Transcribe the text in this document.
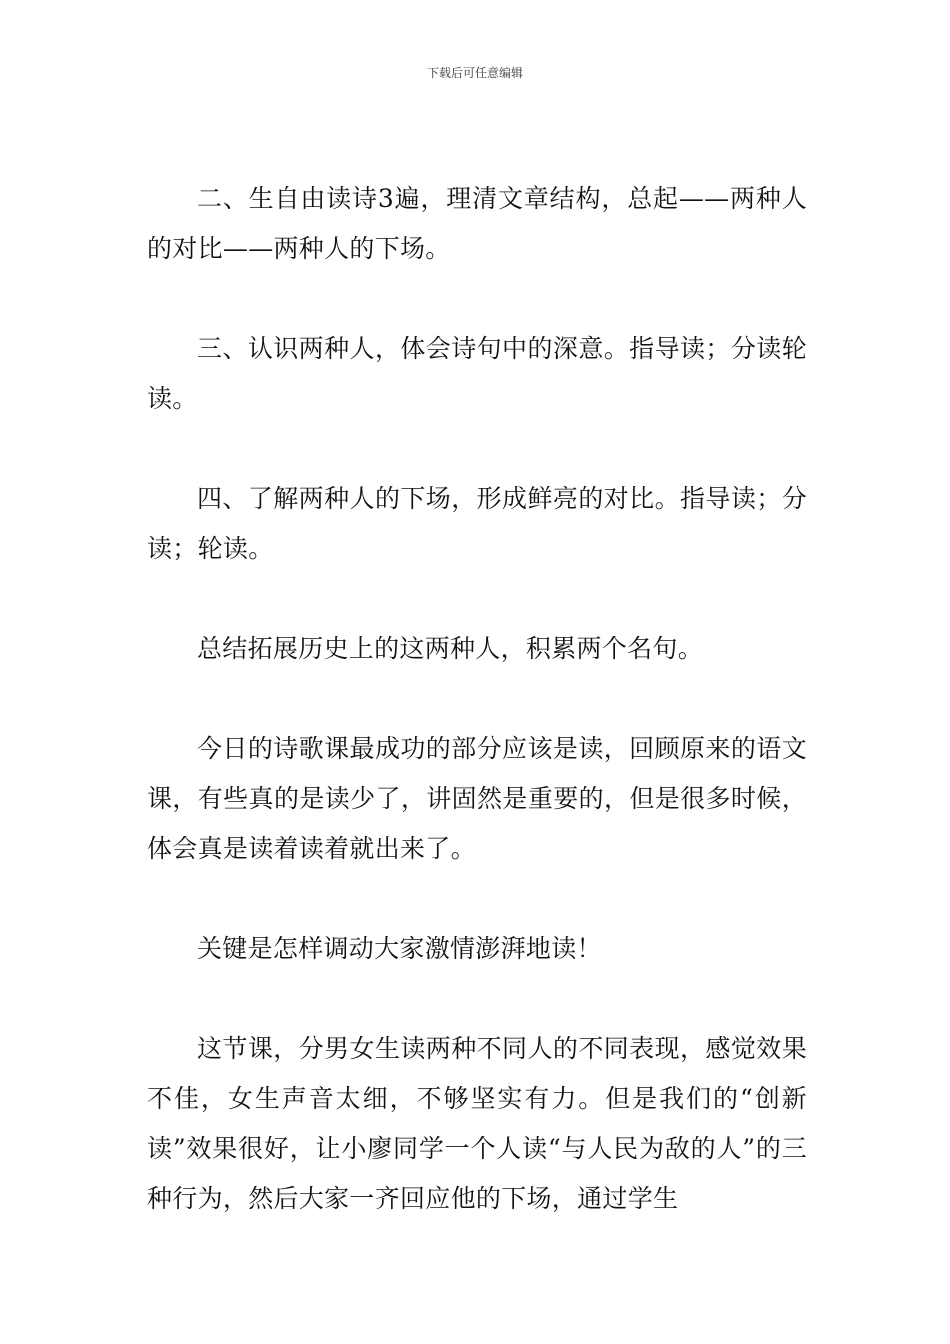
下载后可任意编辑

二、生自由读诗3遍，理清文章结构，总起——两种人的对比——两种人的下场。

三、认识两种人，体会诗句中的深意。指导读；分读轮读。

四、了解两种人的下场，形成鲜亮的对比。指导读；分读；轮读。

总结拓展历史上的这两种人，积累两个名句。

今日的诗歌课最成功的部分应该是读，回顾原来的语文课，有些真的是读少了，讲固然是重要的，但是很多时候，体会真是读着读着就出来了。

关键是怎样调动大家激情澎湃地读！

这节课，分男女生读两种不同人的不同表现，感觉效果不佳，女生声音太细，不够坚实有力。但是我们的“创新读”效果很好，让小廖同学一个人读“与人民为敌的人”的三种行为，然后大家一齐回应他的下场，通过学生
